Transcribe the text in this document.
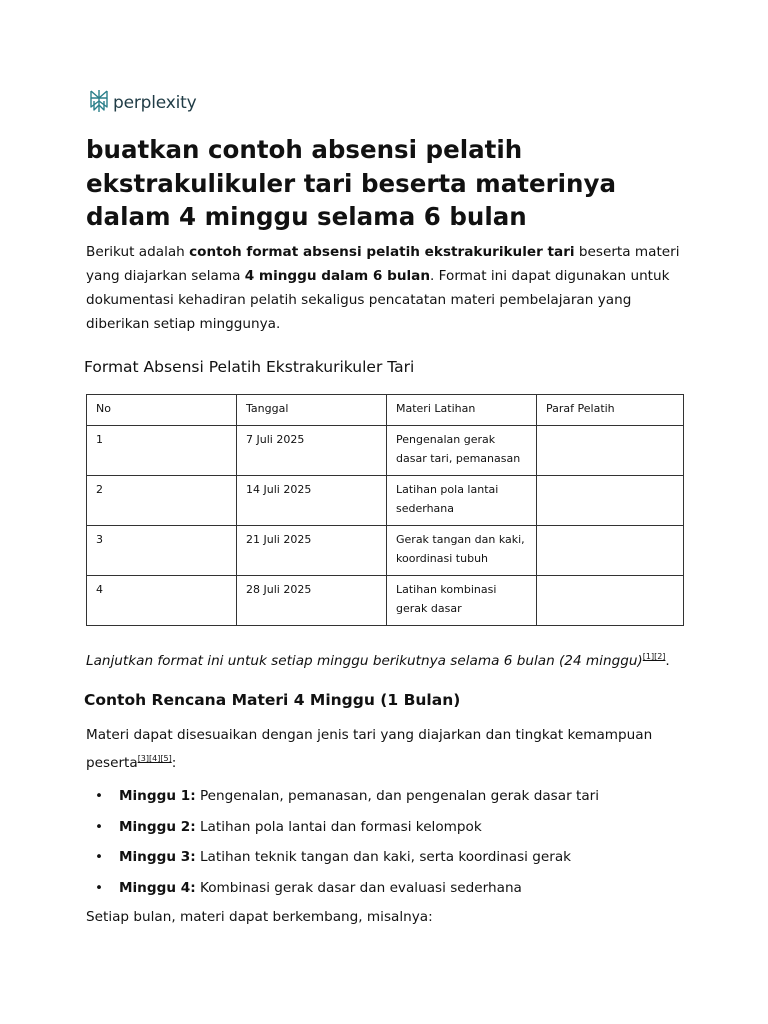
perplexity
buatkan contoh absensi pelatih ekstrakulikuler tari beserta materinya dalam 4 minggu selama 6 bulan

Berikut adalah contoh format absensi pelatih ekstrakurikuler tari beserta materi yang diajarkan selama 4 minggu dalam 6 bulan. Format ini dapat digunakan untuk dokumentasi kehadiran pelatih sekaligus pencatatan materi pembelajaran yang diberikan setiap minggunya.

Format Absensi Pelatih Ekstrakurikuler Tari
No	Tanggal	Materi Latihan	Paraf Pelatih
1	7 Juli 2025	Pengenalan gerak dasar tari, pemanasan	
2	14 Juli 2025	Latihan pola lantai sederhana	
3	21 Juli 2025	Gerak tangan dan kaki, koordinasi tubuh	
4	28 Juli 2025	Latihan kombinasi gerak dasar	

Lanjutkan format ini untuk setiap minggu berikutnya selama 6 bulan (24 minggu)[1][2].

Contoh Rencana Materi 4 Minggu (1 Bulan)

Materi dapat disesuaikan dengan jenis tari yang diajarkan dan tingkat kemampuan peserta[3][4][5]:

• Minggu 1: Pengenalan, pemanasan, dan pengenalan gerak dasar tari
• Minggu 2: Latihan pola lantai dan formasi kelompok
• Minggu 3: Latihan teknik tangan dan kaki, serta koordinasi gerak
• Minggu 4: Kombinasi gerak dasar dan evaluasi sederhana

Setiap bulan, materi dapat berkembang, misalnya:
